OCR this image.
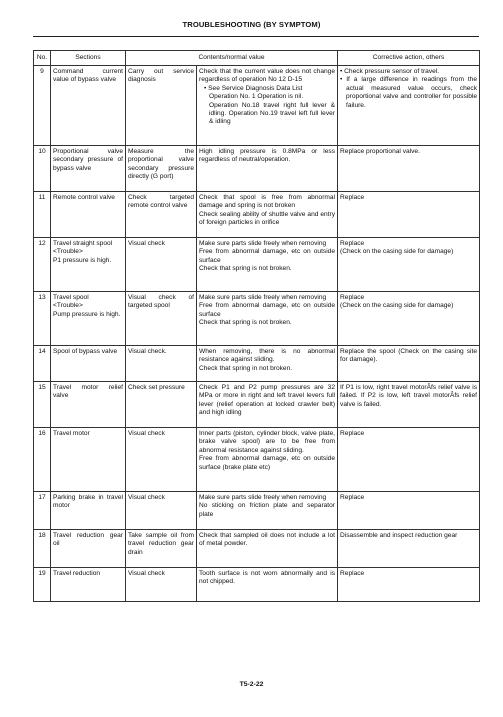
TROUBLESHOOTING (BY SYMPTOM)
No.	Sections	Contents/normal value		Corrective action, others
9	Command current value of bypass valve	Carry out service diagnosis	Check that the current value does not change regardless of operation No 12 D-15
• See Service Diagnosis Data List
Operation No. 1 Operation is nil.
Operation No.18 travel right full lever & idling. Operation No.19 travel left full lever & idling	• Check pressure sensor of travel.
• If a large difference in readings from the actual measured value occurs, check proportional valve and controller for possible failure.

10	Proportional valve secondary pressure of bypass valve	Measure the proportional valve secondary pressure directly (G port)	High idling pressure is 0.8MPa or less regardless of neutral/operation.	Replace proportional valve.

11	Remote control valve	Check targeted remote control valve	Check that spool is free from abnormal damage and spring is not broken
Check sealing ability of shuttle valve and entry of foreign particles in orifice	Replace

12	Travel straight spool
<Trouble>
P1 pressure is high.	Visual check	Make sure parts slide freely when removing
Free from abnormal damage, etc on outside surface
Check that spring is not broken.	Replace
(Check on the casing side for damage)

13	Travel spool
<Trouble>
Pump pressure is high.	Visual check of targeted spool	Make sure parts slide freely when removing
Free from abnormal damage, etc on outside surface
Check that spring is not broken.	Replace
(Check on the casing side for damage)

14	Spool of bypass valve	Visual check.	When removing, there is no abnormal resistance against sliding.
Check that spring in not broken.	Replace the spool (Check on the casing site for damage).

15	Travel motor relief valve	Check set pressure	Check P1 and P2 pump pressures are 32 MPa or more in right and left travel levers full lever (relief operation at locked crawler belt) and high idling	If P1 is low, right travel motorÂfs relief valve is failed. If P2 is low, left travel motorÂfs relief valve is failed.

16	Travel motor	Visual check	Inner parts (piston, cylinder block, valve plate, brake valve spool) are to be free from abnormal resistance against sliding.
Free from abnormal damage, etc on outside surface (brake plate etc)	Replace

17	Parking brake in travel motor	Visual check	Make sure parts slide freely when removing
No sticking on friction plate and separator plate	Replace

18	Travel reduction gear oil	Take sample oil from travel reduction gear drain	Check that sampled oil does not include a lot of metal powder.	Disassemble and inspect reduction gear

19	Travel reduction	Visual check	Tooth surface is not worn abnormally and is not chipped.	Replace
T5-2-22
